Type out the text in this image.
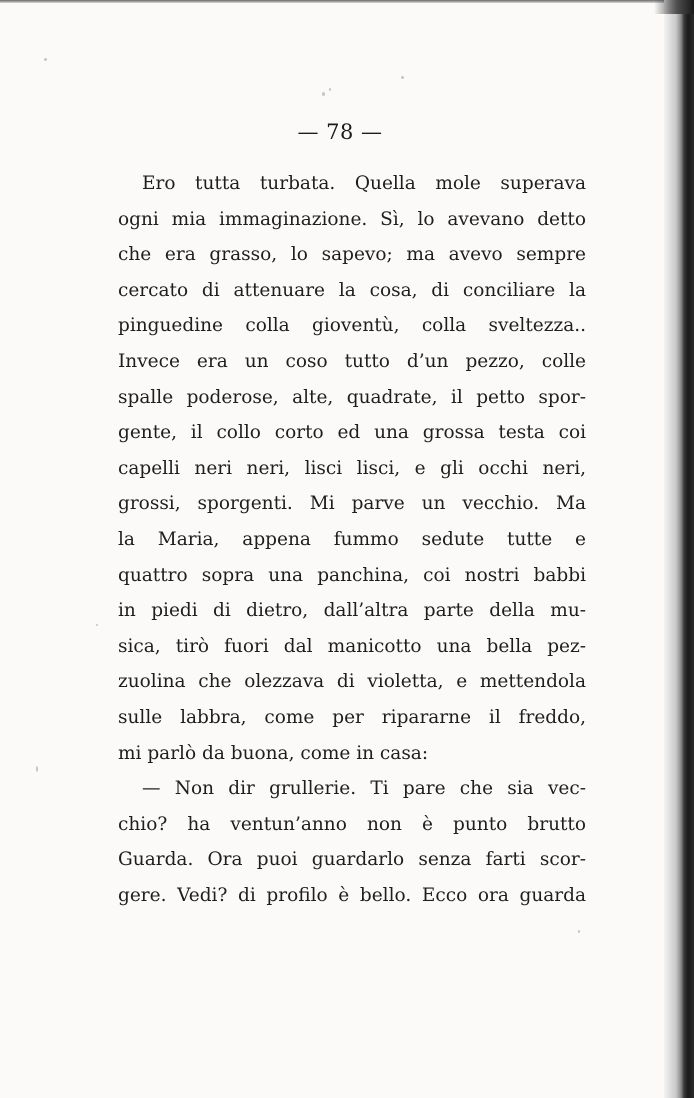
— 78 —
Ero tutta turbata. Quella mole superava
ogni mia immaginazione. Sì, lo avevano detto
che era grasso, lo sapevo; ma avevo sempre
cercato di attenuare la cosa, di conciliare la
pinguedine colla gioventù, colla sveltezza..
Invece era un coso tutto d’un pezzo, colle
spalle poderose, alte, quadrate, il petto spor-
gente, il collo corto ed una grossa testa coi
capelli neri neri, lisci lisci, e gli occhi neri,
grossi, sporgenti. Mi parve un vecchio. Ma
la Maria, appena fummo sedute tutte e
quattro sopra una panchina, coi nostri babbi
in piedi di dietro, dall’altra parte della mu-
sica, tirò fuori dal manicotto una bella pez-
zuolina che olezzava di violetta, e mettendola
sulle labbra, come per ripararne il freddo,
mi parlò da buona, come in casa:
— Non dir grullerie. Ti pare che sia vec-
chio? ha ventun’anno non è punto brutto
Guarda. Ora puoi guardarlo senza farti scor-
gere. Vedi? di profilo è bello. Ecco ora guarda
